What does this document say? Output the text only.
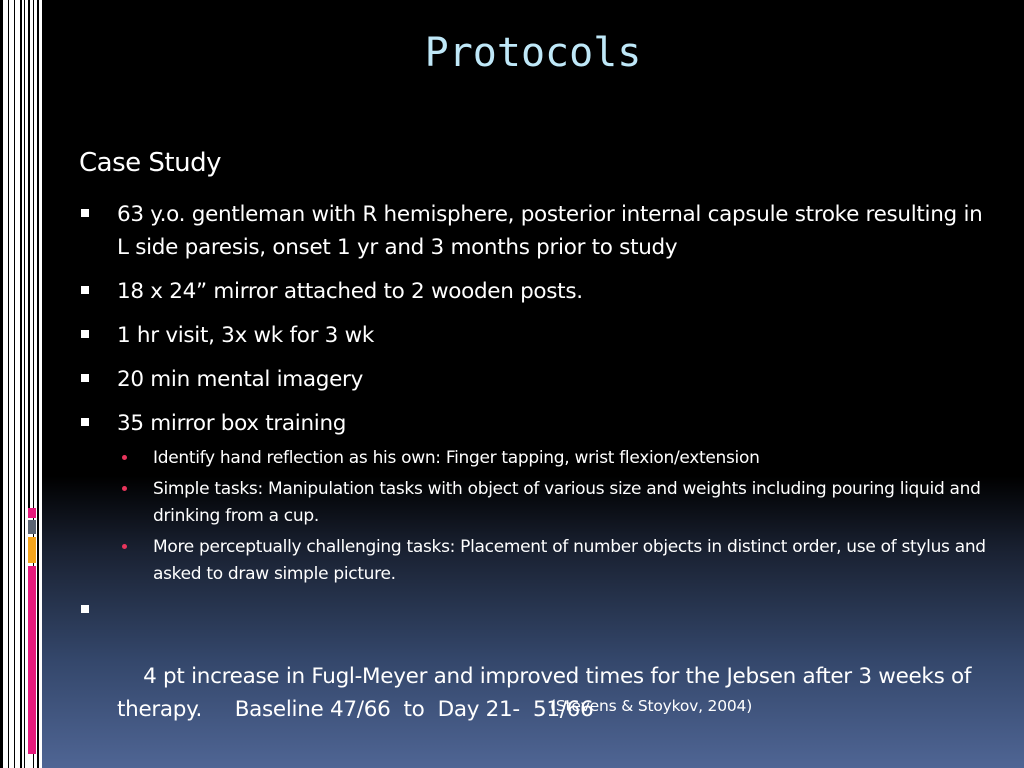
Protocols
Case Study
63 y.o. gentleman with R hemisphere, posterior internal capsule stroke resulting in L side paresis, onset 1 yr and 3 months prior to study
18 x 24” mirror attached to 2 wooden posts.
1 hr visit, 3x wk for 3 wk
20 min mental imagery
35 mirror box training
Identify hand reflection as his own: Finger tapping, wrist flexion/extension
Simple tasks: Manipulation tasks with object of various size and weights including pouring liquid and drinking from a cup.
More perceptually challenging tasks: Placement of number objects in distinct order, use of stylus and asked to draw simple picture.

4 pt increase in Fugl-Meyer and improved times for the Jebsen after 3 weeks of therapy.     Baseline 47/66  to  Day 21-  51/66

(Stevens & Stoykov, 2004)
